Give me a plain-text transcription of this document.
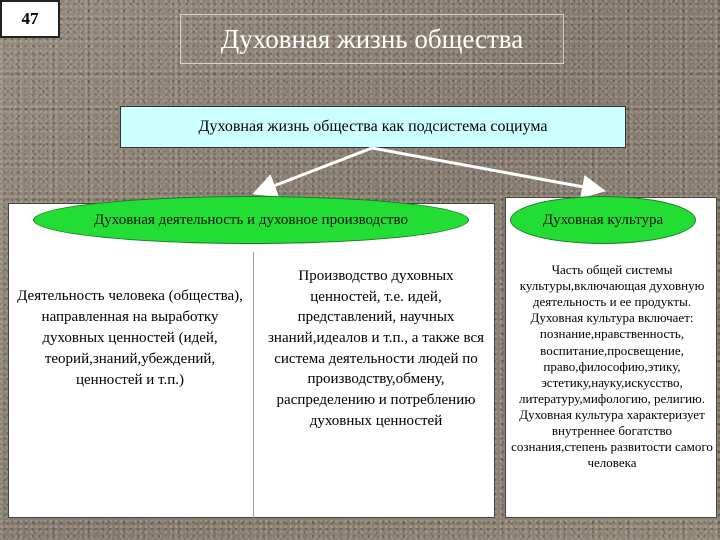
47
Духовная жизнь общества
Духовная жизнь общества как подсистема социума
Духовная деятельность и духовное производство	Духовная культура
Деятельность человека (общества), направленная на выработку духовных ценностей (идей, теорий,знаний,убеждений, ценностей и т.п.)
Производство духовных ценностей, т.е. идей, представлений, научных знаний,идеалов и т.п., а также вся система деятельности людей по производству,обмену, распределению и потреблению духовных ценностей
Часть общей системы культуры,включающая духовную деятельность и ее продукты. Духовная культура включает: познание,нравственность, воспитание,просвещение, право,философию,этику, эстетику,науку,искусство, литературу,мифологию, религию. Духовная культура характеризует внутреннее богатство сознания,степень развитости самого человека
